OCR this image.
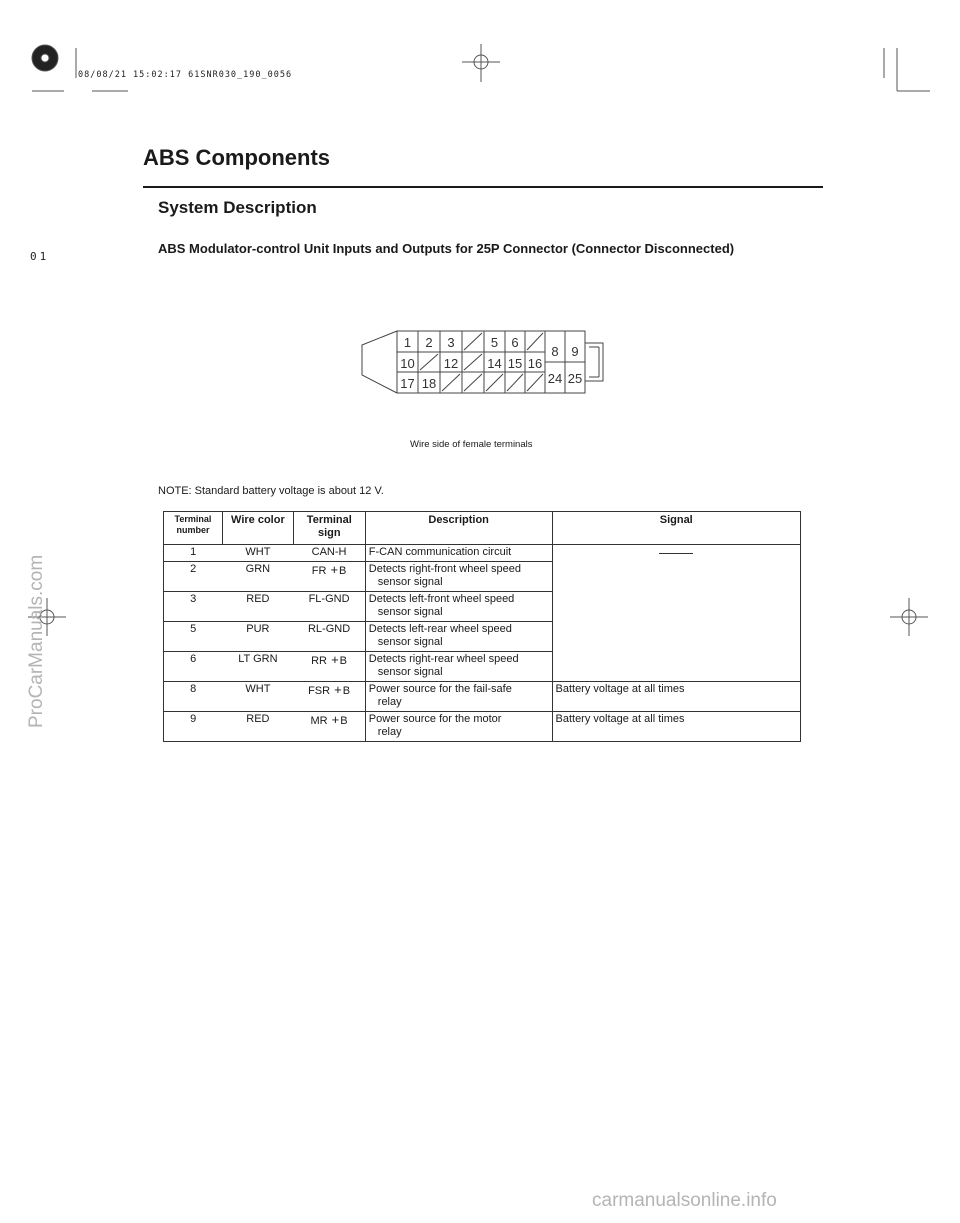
08/08/21 15:02:17 61SNR030_190_0056
01
ABS Components
System Description
ABS Modulator-control Unit Inputs and Outputs for 25P Connector (Connector Disconnected)
1 2 3	5 6
10 12 14 15 16
17 18
8 9
24 25
Wire side of female terminals
NOTE: Standard battery voltage is about 12 V.
Terminal
number	Wire color	Terminal
sign	Description	Signal
1	WHT	CAN-H	F-CAN communication circuit	

2	GRN	FR +B	Detects right-front wheel speed
sensor signal	

3	RED	FL-GND	Detects left-front wheel speed
sensor signal	

5	PUR	RL-GND	Detects left-rear wheel speed
sensor signal	

6	LT GRN	RR +B	Detects right-rear wheel speed
sensor signal	

8	WHT	FSR +B	Power source for the fail-safe
relay	Battery voltage at all times
9	RED	MR +B	Power source for the motor
relay	Battery voltage at all times
ProCarManuals.com
carmanualsonline.info
